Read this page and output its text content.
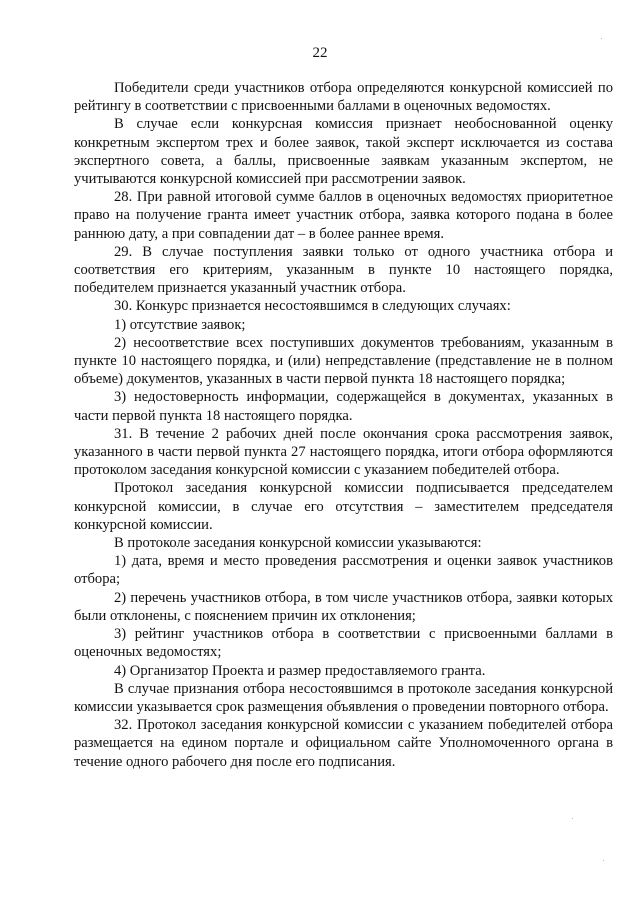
22

Победители среди участников отбора определяются конкурсной комиссией по рейтингу в соответствии с присвоенными баллами в оценочных ведомостях.

В случае если конкурсная комиссия признает необоснованной оценку конкретным экспертом трех и более заявок, такой эксперт исключается из состава экспертного совета, а баллы, присвоенные заявкам указанным экспертом, не учитываются конкурсной комиссией при рассмотрении заявок.

28. При равной итоговой сумме баллов в оценочных ведомостях приоритетное право на получение гранта имеет участник отбора, заявка которого подана в более раннюю дату, а при совпадении дат – в более раннее время.

29. В случае поступления заявки только от одного участника отбора и соответствия его критериям, указанным в пункте 10 настоящего порядка, победителем признается указанный участник отбора.

30. Конкурс признается несостоявшимся в следующих случаях:

1) отсутствие заявок;

2) несоответствие всех поступивших документов требованиям, указанным в пункте 10 настоящего порядка, и (или) непредставление (представление не в полном объеме) документов, указанных в части первой пункта 18 настоящего порядка;

3) недостоверность информации, содержащейся в документах, указанных в части первой пункта 18 настоящего порядка.

31. В течение 2 рабочих дней после окончания срока рассмотрения заявок, указанного в части первой пункта 27 настоящего порядка, итоги отбора оформляются протоколом заседания конкурсной комиссии с указанием победителей отбора.

Протокол заседания конкурсной комиссии подписывается председателем конкурсной комиссии, в случае его отсутствия – заместителем председателя конкурсной комиссии.

В протоколе заседания конкурсной комиссии указываются:

1) дата, время и место проведения рассмотрения и оценки заявок участников отбора;

2) перечень участников отбора, в том числе участников отбора, заявки которых были отклонены, с пояснением причин их отклонения;

3) рейтинг участников отбора в соответствии с присвоенными баллами в оценочных ведомостях;

4) Организатор Проекта и размер предоставляемого гранта.

В случае признания отбора несостоявшимся в протоколе заседания конкурсной комиссии указывается срок размещения объявления о проведении повторного отбора.

32. Протокол заседания конкурсной комиссии с указанием победителей отбора размещается на едином портале и официальном сайте Уполномоченного органа в течение одного рабочего дня после его подписания.
